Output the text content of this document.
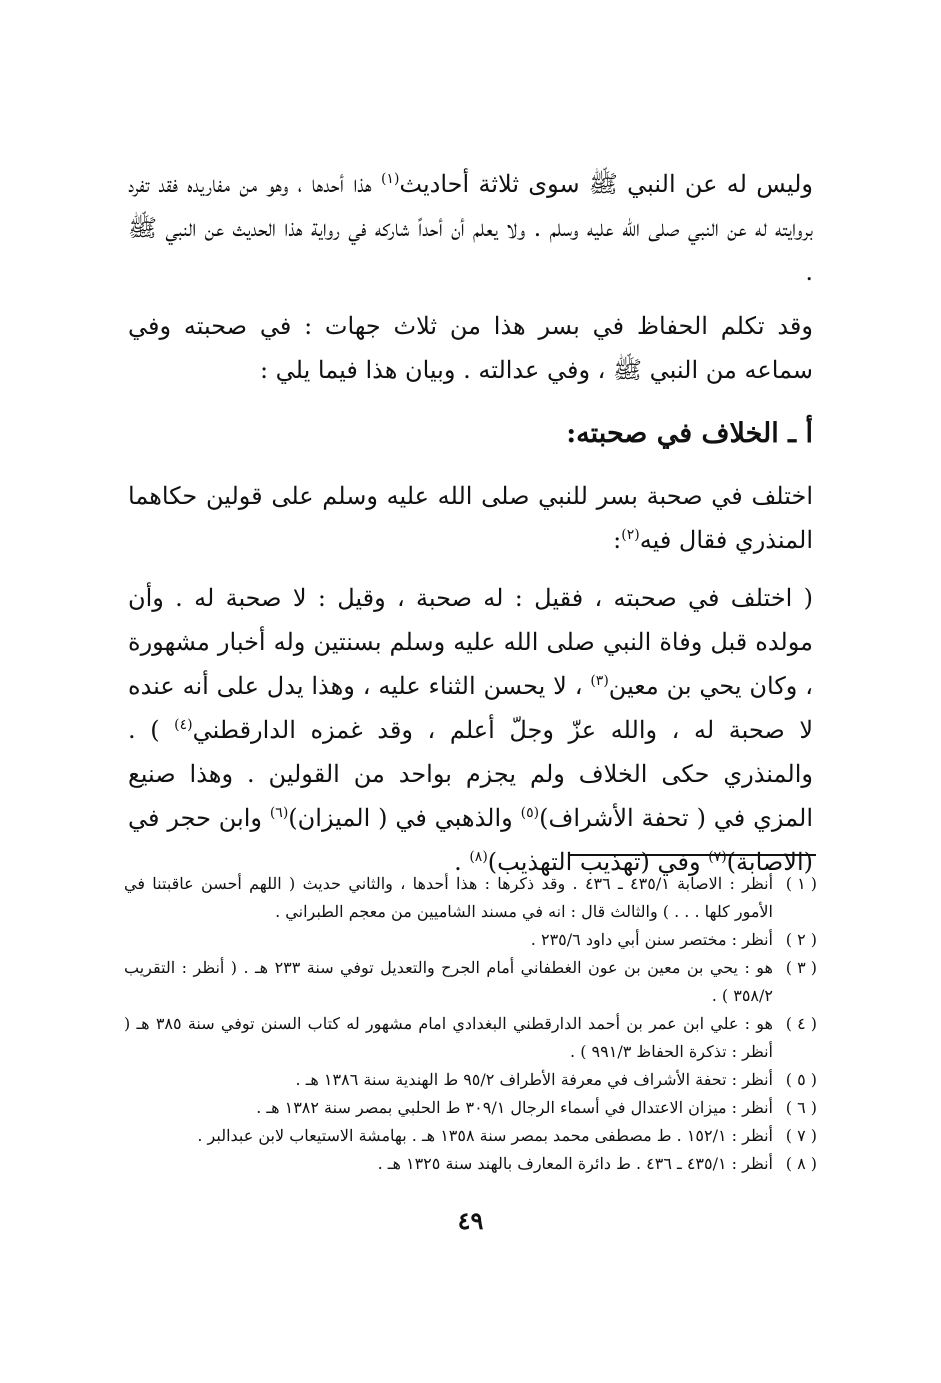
وليس له عن النبي ﷺ سوى ثلاثة أحاديث$^{(١)}$ هذا أحدها ، وهو من مفاريده فقد تفرد بروايته له عن النبي صلى الله عليه وسلم . ولا يعلم أن أحداً شاركه في رواية هذا الحديث عن النبي ﷺ .

وقد تكلم الحفاظ في بسر هذا من ثلاث جهات : في صحبته وفي سماعه من النبي ﷺ ، وفي عدالته . وبيان هذا فيما يلي :

أ ـ الخلاف في صحبته:

اختلف في صحبة بسر للنبي صلى الله عليه وسلم على قولين حكاهما المنذري فقال فيه$^{(٢)}$:

( اختلف في صحبته ، فقيل : له صحبة ، وقيل : لا صحبة له . وأن مولده قبل وفاة النبي صلى الله عليه وسلم بسنتين وله أخبار مشهورة ، وكان يحي بن معين$^{(٣)}$ ، لا يحسن الثناء عليه ، وهذا يدل على أنه عنده لا صحبة له ، والله عزّ وجلّ أعلم ، وقد غمزه الدارقطني$^{(٤)}$ ) . والمنذري حكى الخلاف ولم يجزم بواحد من القولين . وهذا صنيع المزي في ( تحفة الأشراف)$^{(٥)}$ والذهبي في ( الميزان)$^{(٦)}$ وابن حجر في (الاصابة)$^{(٧)}$ وفي (تهذيب التهذيب)$^{(٨)}$ .

( ١ )
أنظر : الاصابة ٤٣٥/١ ـ ٤٣٦ . وقد ذكرها : هذا أحدها ، والثاني حديث ( اللهم أحسن عاقبتنا في الأمور كلها . . . ) والثالث قال : انه في مسند الشاميين من معجم الطبراني .
( ٢ )
أنظر : مختصر سنن أبي داود ٢٣٥/٦ .
( ٣ )
هو : يحي بن معين بن عون الغطفاني أمام الجرح والتعديل توفي سنة ٢٣٣ هـ . ( أنظر : التقريب ٣٥٨/٢ ) .
( ٤ )
هو : علي ابن عمر بن أحمد الدارقطني البغدادي امام مشهور له كتاب السنن توفي سنة ٣٨٥ هـ ( أنظر : تذكرة الحفاظ ٩٩١/٣ ) .
( ٥ )
أنظر : تحفة الأشراف في معرفة الأطراف ٩٥/٢ ط الهندية سنة ١٣٨٦ هـ .
( ٦ )
أنظر : ميزان الاعتدال في أسماء الرجال ٣٠٩/١ ط الحلبي بمصر سنة ١٣٨٢ هـ .
( ٧ )
أنظر : ١٥٢/١ . ط مصطفى محمد بمصر سنة ١٣٥٨ هـ . بهامشة الاستيعاب لابن عبدالبر .
( ٨ )
أنظر : ٤٣٥/١ ـ ٤٣٦ . ط دائرة المعارف بالهند سنة ١٣٢٥ هـ .
٤٩
